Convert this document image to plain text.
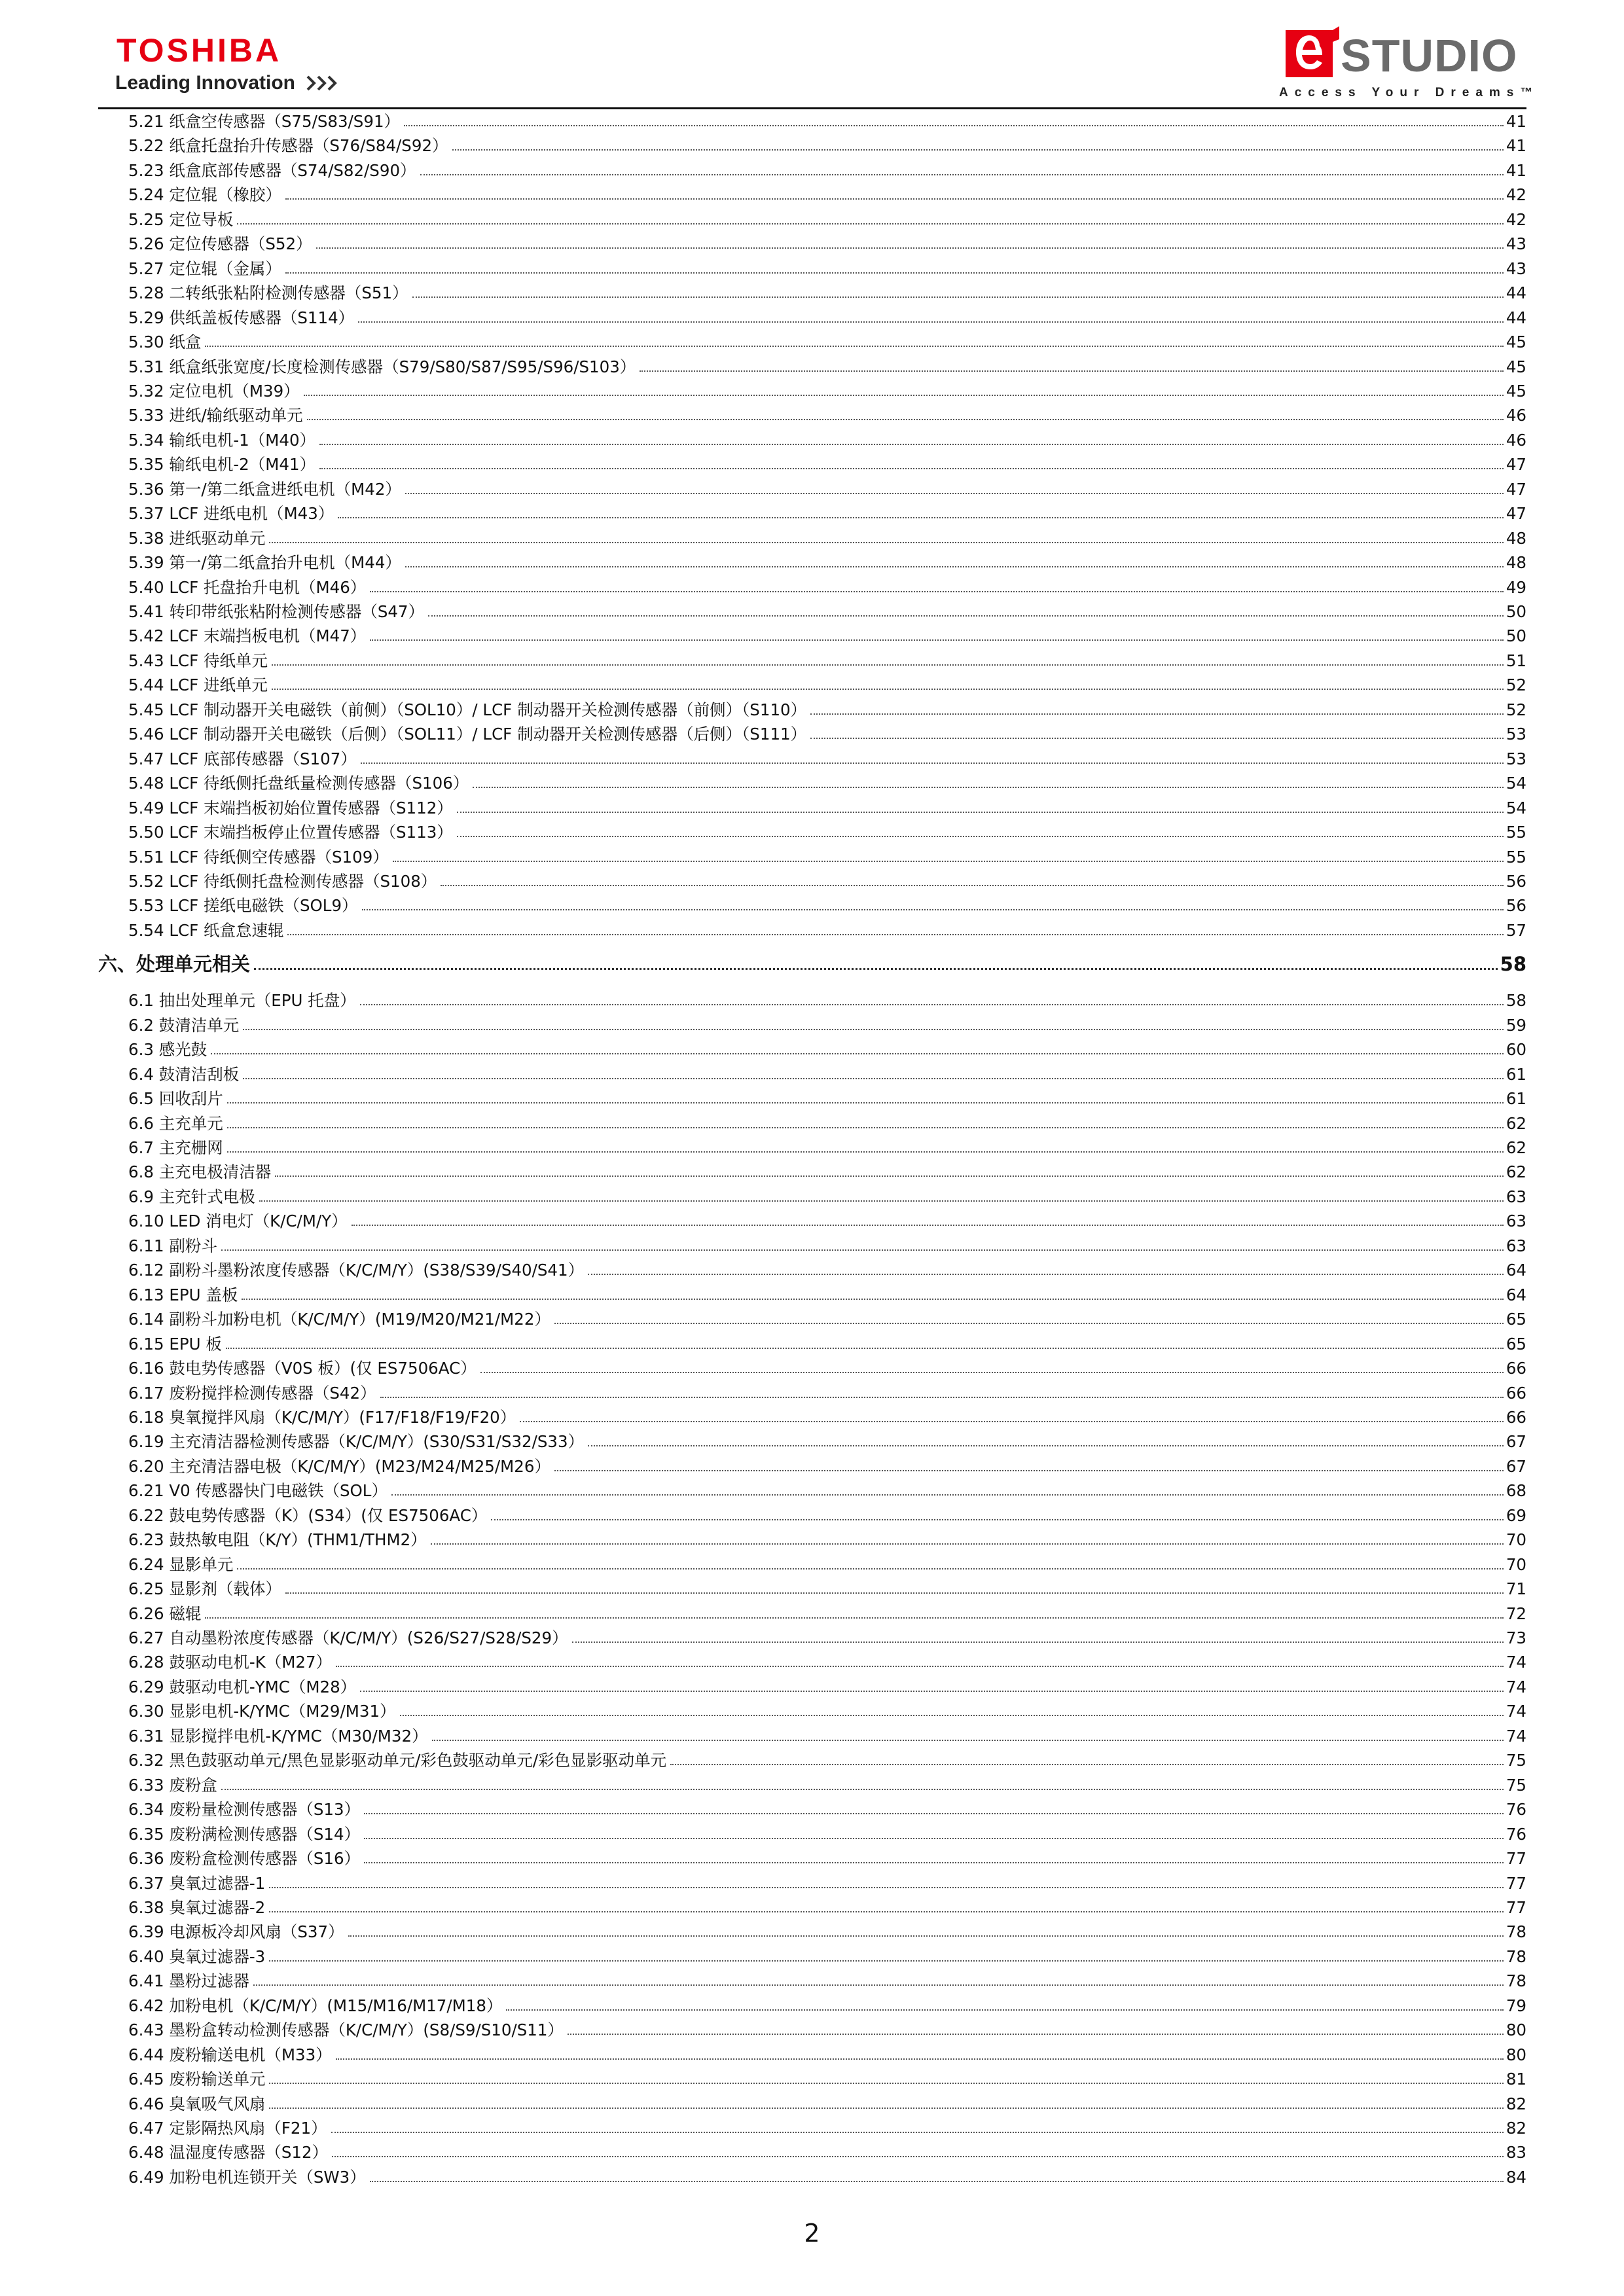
TOSHIBA
Leading Innovation
STUDIO
Access Your Dreams™
5.21 纸盒空传感器（S75/S83/S91）	41
5.22 纸盒托盘抬升传感器（S76/S84/S92）	41
5.23 纸盒底部传感器（S74/S82/S90）	41
5.24 定位辊（橡胶）	42
5.25 定位导板	42
5.26 定位传感器（S52）	43
5.27 定位辊（金属）	43
5.28 二转纸张粘附检测传感器（S51）	44
5.29 供纸盖板传感器（S114）	44
5.30 纸盒	45
5.31 纸盒纸张宽度/长度检测传感器（S79/S80/S87/S95/S96/S103）	45
5.32 定位电机（M39）	45
5.33 进纸/输纸驱动单元	46
5.34 输纸电机-1（M40）	46
5.35 输纸电机-2（M41）	47
5.36 第一/第二纸盒进纸电机（M42）	47
5.37 LCF 进纸电机（M43）	47
5.38 进纸驱动单元	48
5.39 第一/第二纸盒抬升电机（M44）	48
5.40 LCF 托盘抬升电机（M46）	49
5.41 转印带纸张粘附检测传感器（S47）	50
5.42 LCF 末端挡板电机（M47）	50
5.43 LCF 待纸单元	51
5.44 LCF 进纸单元	52
5.45 LCF 制动器开关电磁铁（前侧）（SOL10）/ LCF 制动器开关检测传感器（前侧）（S110）	52
5.46 LCF 制动器开关电磁铁（后侧）（SOL11）/ LCF 制动器开关检测传感器（后侧）（S111）	53
5.47 LCF 底部传感器（S107）	53
5.48 LCF 待纸侧托盘纸量检测传感器（S106）	54
5.49 LCF 末端挡板初始位置传感器（S112）	54
5.50 LCF 末端挡板停止位置传感器（S113）	55
5.51 LCF 待纸侧空传感器（S109）	55
5.52 LCF 待纸侧托盘检测传感器（S108）	56
5.53 LCF 搓纸电磁铁（SOL9）	56
5.54 LCF 纸盒怠速辊	57
六、处理单元相关	58
6.1 抽出处理单元（EPU 托盘）	58
6.2 鼓清洁单元	59
6.3 感光鼓	60
6.4 鼓清洁刮板	61
6.5 回收刮片	61
6.6 主充单元	62
6.7 主充栅网	62
6.8 主充电极清洁器	62
6.9 主充针式电极	63
6.10 LED 消电灯（K/C/M/Y）	63
6.11 副粉斗	63
6.12 副粉斗墨粉浓度传感器（K/C/M/Y）(S38/S39/S40/S41）	64
6.13 EPU 盖板	64
6.14 副粉斗加粉电机（K/C/M/Y）(M19/M20/M21/M22）	65
6.15 EPU 板	65
6.16 鼓电势传感器（V0S 板）(仅 ES7506AC）	66
6.17 废粉搅拌检测传感器（S42）	66
6.18 臭氧搅拌风扇（K/C/M/Y）(F17/F18/F19/F20）	66
6.19 主充清洁器检测传感器（K/C/M/Y）(S30/S31/S32/S33）	67
6.20 主充清洁器电极（K/C/M/Y）(M23/M24/M25/M26）	67
6.21 V0 传感器快门电磁铁（SOL）	68
6.22 鼓电势传感器（K）(S34）(仅 ES7506AC）	69
6.23 鼓热敏电阻（K/Y）(THM1/THM2）	70
6.24 显影单元	70
6.25 显影剂（载体）	71
6.26 磁辊	72
6.27 自动墨粉浓度传感器（K/C/M/Y）(S26/S27/S28/S29）	73
6.28 鼓驱动电机-K（M27）	74
6.29 鼓驱动电机-YMC（M28）	74
6.30 显影电机-K/YMC（M29/M31）	74
6.31 显影搅拌电机-K/YMC（M30/M32）	74
6.32 黑色鼓驱动单元/黑色显影驱动单元/彩色鼓驱动单元/彩色显影驱动单元	75
6.33 废粉盒	75
6.34 废粉量检测传感器（S13）	76
6.35 废粉满检测传感器（S14）	76
6.36 废粉盒检测传感器（S16）	77
6.37 臭氧过滤器-1	77
6.38 臭氧过滤器-2	77
6.39 电源板冷却风扇（S37）	78
6.40 臭氧过滤器-3	78
6.41 墨粉过滤器	78
6.42 加粉电机（K/C/M/Y）(M15/M16/M17/M18）	79
6.43 墨粉盒转动检测传感器（K/C/M/Y）(S8/S9/S10/S11）	80
6.44 废粉输送电机（M33）	80
6.45 废粉输送单元	81
6.46 臭氧吸气风扇	82
6.47 定影隔热风扇（F21）	82
6.48 温湿度传感器（S12）	83
6.49 加粉电机连锁开关（SW3）	84
2
